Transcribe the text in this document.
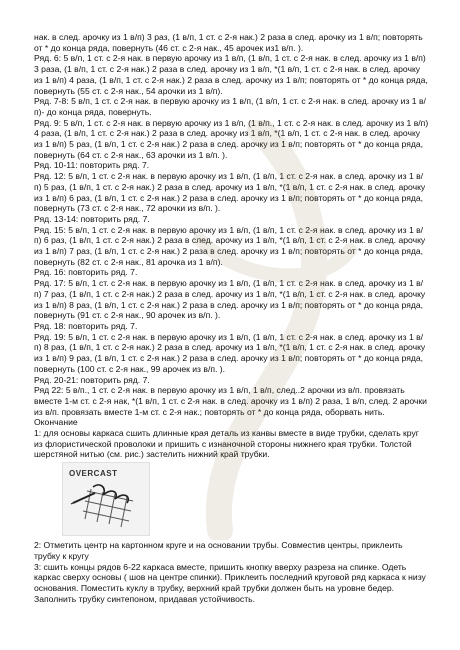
нак. в след. арочку из 1 в/п) 3 раз, (1 в/п, 1 ст. с 2-я нак.) 2 раза в след. арочку из 1 в/п; повторять от * до конца ряда, повернуть (46 ст. с 2-я нак., 45 арочек из1 в/п. ).

Ряд. 6: 5 в/п, 1 ст. с 2-я нак. в первую арочку из 1 в/п, (1 в/п, 1 ст. с 2-я нак. в след. арочку из 1 в/п) 3 раза, (1 в/п, 1 ст. с 2-я нак.) 2 раза в след. арочку из 1 в/п, *(1 в/п, 1 ст. с 2-я нак. в след. арочку из 1 в/п) 4 раза, (1 в/п, 1 ст. с 2-я нак.) 2 раза в след. арочку из 1 в/п; повторять от * до конца ряда, повернуть (55 ст. с 2-я нак., 54 арочки из 1 в/п).

Ряд. 7-8: 5 в/п, 1 ст. с 2-я нак. в первую арочку из 1 в/п, (1 в/п, 1 ст. с 2-я нак. в след. арочку из 1 в/п)- до конца ряда, повернуть.

Ряд. 9: 5 в/п, 1 ст. с 2-я нак. в первую арочку из 1 в/п, (1 в/п., 1 ст. с 2-я нак. в след. арочку из 1 в/п) 4 раза, (1 в/п, 1 ст. с 2-я нак.) 2 раза в след. арочку из 1 в/п, *(1 в/п, 1 ст. с 2-я нак. в след. арочку из 1 в/п) 5 раз, (1 в/п, 1 ст. с 2-я нак.) 2 раза в след. арочку из 1 в/п; повторять от * до конца ряда, повернуть (64 ст. с 2-я нак., 63 арочки из 1 в/п. ).

Ряд. 10-11: повторить ряд. 7.

Ряд. 12: 5 в/п, 1 ст. с 2-я нак. в первую арочку из 1 в/п, (1 в/п, 1 ст. с 2-я нак. в след. арочку из 1 в/п) 5 раз, (1 в/п, 1 ст. с 2-я нак.) 2 раза в след. арочку из 1 в/п, *(1 в/п, 1 ст. с 2-я нак. в след. арочку из 1 в/п) 6 раз, (1 в/п, 1 ст. с 2-я нак.) 2 раза в след. арочку из 1 в/п; повторять от * до конца ряда, повернуть (73 ст. с 2-я нак., 72 арочки из в/п. ).

Ряд. 13-14: повторить ряд. 7.

Ряд. 15: 5 в/п, 1 ст. с 2-я нак. в первую арочку из 1 в/п, (1 в/п, 1 ст. с 2-я нак. в след. арочку из 1 в/п) 6 раз, (1 в/п, 1 ст. с 2-я нак.) 2 раза в след. арочку из 1 в/п, *(1 в/п, 1 ст. с 2-я нак. в след. арочку из 1 в/п) 7 раз, (1 в/п, 1 ст. с 2-я нак.) 2 раза в след. арочку из 1 в/п; повторять от * до конца ряда, повернуть (82 ст. с 2-я нак., 81 арочка из 1 в/п).

Ряд. 16: повторить ряд. 7.

Ряд. 17: 5 в/п, 1 ст. с 2-я нак. в первую арочку из 1 в/п, (1 в/п, 1 ст. с 2-я нак. в след. арочку из 1 в/п) 7 раз, (1 в/п, 1 ст. с 2-я нак.) 2 раза в след. арочку из 1 в/п, *(1 в/п, 1 ст. с 2-я нак. в след. арочку из 1 в/п) 8 раз, (1 в/п, 1 ст. с 2-я нак.) 2 раза в след. арочку из 1 в/п; повторять от * до конца ряда, повернуть (91 ст. с 2-я нак., 90 арочек из в/п. ).

Ряд. 18: повторить ряд. 7.

Ряд. 19: 5 в/п, 1 ст. с 2-я нак. в первую арочку из 1 в/п, (1 в/п, 1 ст. с 2-я нак. в след. арочку из 1 в/п) 8 раз, (1 в/п, 1 ст. с 2-я нак.) 2 раза в след. арочку из 1 в/п, *(1 в/п, 1 ст. с 2-я нак. в след. арочку из 1 в/п) 9 раз, (1 в/п, 1 ст. с 2-я нак.) 2 раза в след. арочку из 1 в/п; повторять от * до конца ряда, повернуть (100 ст. с 2-я нак., 99 арочек из в/п. ).

Ряд. 20-21: повторить ряд. 7.

Ряд 22: 5 в/п., 1 ст. с 2-я нак. в первую арочку из 1 в/п, 1 в/п, след..2 арочки из в/п. провязать вместе 1-м ст. с 2-я нак, *(1 в/п, 1 ст. с 2-я нак. в след. арочку из 1 в/п) 2 раза, 1 в/п, след. 2 арочки из в/п. провязать вместе 1-м ст. с 2-я нак.; повторять от * до конца ряда, оборвать нить.

Окончание

1: для основы каркаса сшить длинные края деталь из канвы вместе в виде трубки, сделать круг из флористической проволоки и пришить с изнаночной стороны нижнего края трубки. Толстой шерстяной нитью (см. рис.) застелить нижний край трубки.

OVERCAST

2: Отметить центр на картонном круге и на основании трубы. Совместив центры, приклеить трубку к кругу

3: сшить концы рядов 6-22 каркаса вместе, пришить кнопку вверху разреза на спинке. Одеть каркас сверху основы ( шов на центре спинки). Приклеить последний круговой ряд каркаса к низу основания. Поместить куклу в трубку, верхний край трубки должен быть на уровне бедер. Заполнить трубку синтепоном, придавая устойчивость.
